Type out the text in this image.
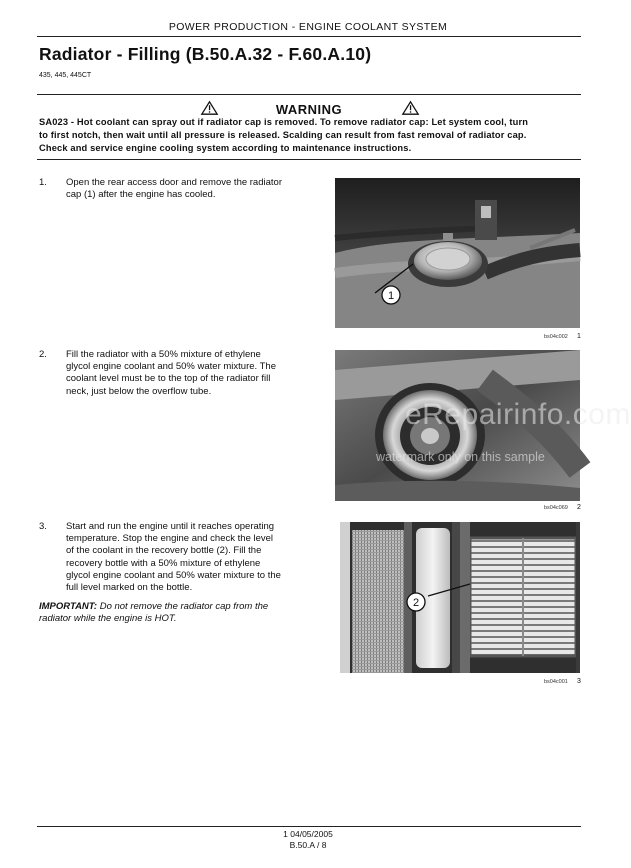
POWER PRODUCTION - ENGINE COOLANT SYSTEM
Radiator - Filling (B.50.A.32 - F.60.A.10)
435, 445, 445CT
WARNING
SA023 - Hot coolant can spray out if radiator cap is removed. To remove radiator cap: Let system cool, turn
to first notch, then wait until all pressure is released. Scalding can result from fast removal of radiator cap.
Check and service engine cooling system according to maintenance instructions.
1. Open the rear access door and remove the radiator
cap (1) after the engine has cooled.
1
bs04c002 1
2. Fill the radiator with a 50% mixture of ethylene
glycol engine coolant and 50% water mixture. The
coolant level must be to the top of the radiator fill
neck, just below the overflow tube.
eRepairinfo.com
watermark only on this sample
bs04c069 2
3. Start and run the engine until it reaches operating
temperature. Stop the engine and check the level
of the coolant in the recovery bottle (2). Fill the
recovery bottle with a 50% mixture of ethylene
glycol engine coolant and 50% water mixture to the
full level marked on the bottle.
IMPORTANT: Do not remove the radiator cap from the
radiator while the engine is HOT.
2
bs04c001 3
1 04/05/2005
B.50.A / 8
